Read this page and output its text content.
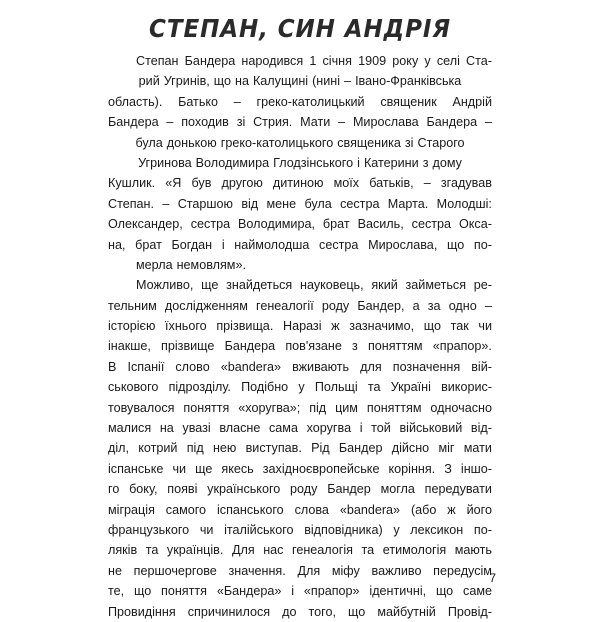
СТЕПАН, СИН АНДРІЯ
Степан Бандера народився 1 січня 1909 року у селі Ста-
рий Угринів, що на Калущині (нині – Івано-Франківська
область). Батько – греко-католицький священик Андрій
Бандера – походив зі Стрия. Мати – Мирослава Бандера –
була донькою греко-католицького священика зі Старого
Угринова Володимира Глодзінського і Катерини з дому
Кушлик. «Я був другою дитиною моїх батьків, – згадував
Степан. – Старшою від мене була сестра Марта. Молодші:
Олександер, сестра Володимира, брат Василь, сестра Окса-
на, брат Богдан і наймолодша сестра Мирослава, що по-
мерла немовлям».
Можливо, ще знайдеться науковець, який займеться ре-
тельним дослідженням генеалогії роду Бандер, а за одно –
історією їхнього прізвища. Наразі ж зазначимо, що так чи
інакше, прізвище Бандера пов'язане з поняттям «прапор».
В Іспанії слово «bandera» вживають для позначення вій-
ськового підрозділу. Подібно у Польщі та Україні викорис-
товувалося поняття «хоругва»; під цим поняттям одночасно
малися на увазі власне сама хоругва і той військовий від-
діл, котрий під нею виступав. Рід Бандер дійсно міг мати
іспанське чи ще якесь західноєвропейське коріння. З іншо-
го боку, появі українського роду Бандер могла передувати
міграція самого іспанського слова «bandera» (або ж його
французького чи італійського відповідника) у лексикон по-
ляків та українців. Для нас генеалогія та етимологія мають
не першочергове значення. Для міфу важливо передусім
те, що поняття «Бандера» і «прапор» ідентичні, що саме
Провидіння спричинилося до того, що майбутній Провід-
7
